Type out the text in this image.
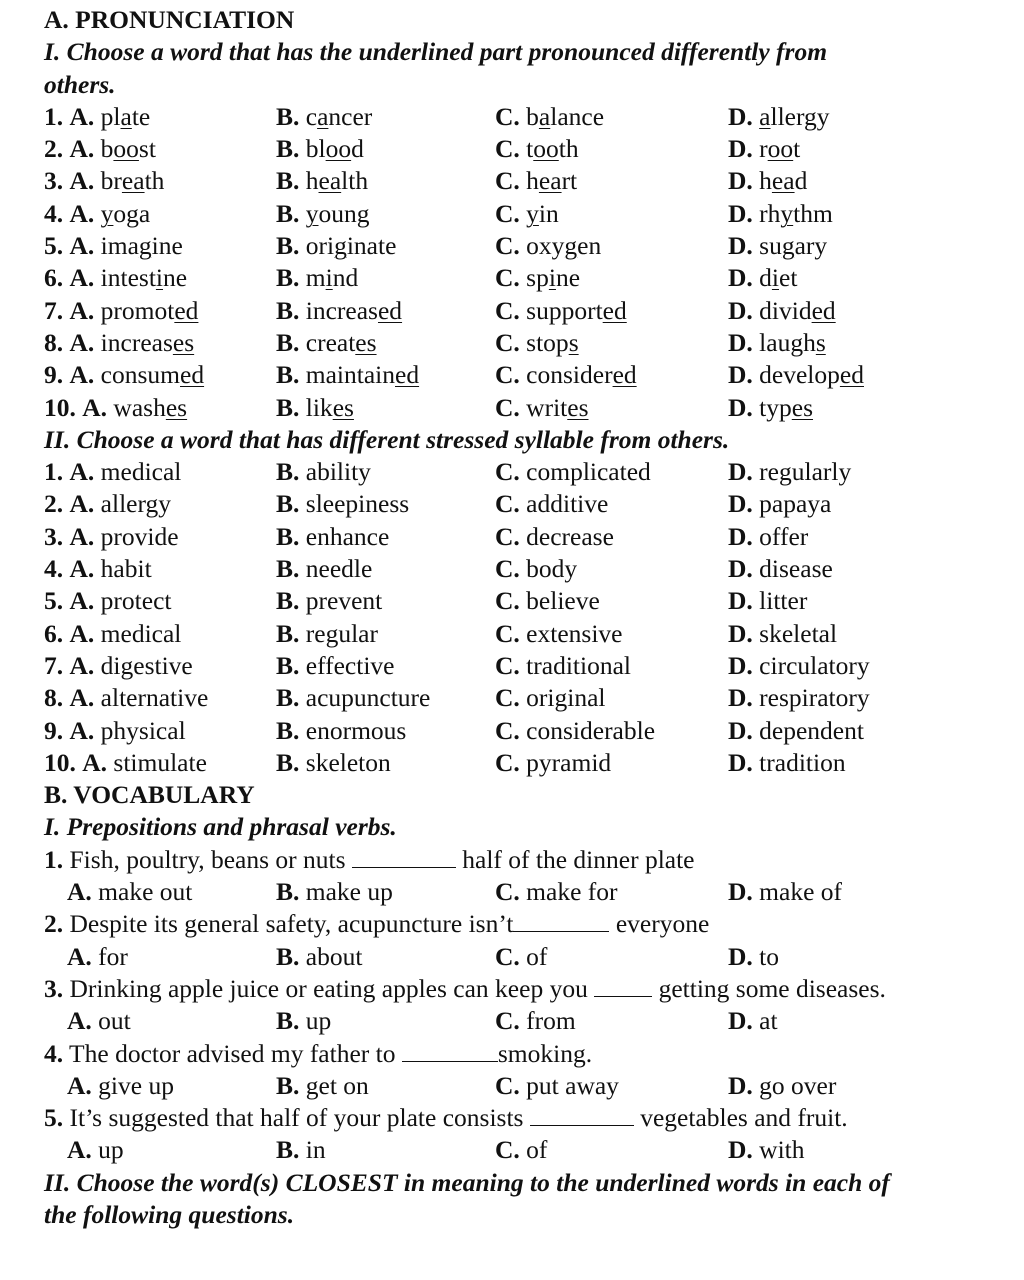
A. PRONUNCIATION
I. Choose a word that has the underlined part pronounced differently from
others.
1. A. plate	B. cancer	C. balance	D. allergy
2. A. boost	B. blood	C. tooth	D. root
3. A. breath	B. health	C. heart	D. head
4. A. yoga	B. young	C. yin	D. rhythm
5. A. imagine	B. originate	C. oxygen	D. sugary
6. A. intestine	B. mind	C. spine	D. diet
7. A. promoted	B. increased	C. supported	D. divided
8. A. increases	B. creates	C. stops	D. laughs
9. A. consumed	B. maintained	C. considered	D. developed
10. A. washes	B. likes	C. writes	D. types
II. Choose a word that has different stressed syllable from others.
1. A. medical	B. ability	C. complicated	D. regularly
2. A. allergy	B. sleepiness	C. additive	D. papaya
3. A. provide	B. enhance	C. decrease	D. offer
4. A. habit	B. needle	C. body	D. disease
5. A. protect	B. prevent	C. believe	D. litter
6. A. medical	B. regular	C. extensive	D. skeletal
7. A. digestive	B. effective	C. traditional	D. circulatory
8. A. alternative	B. acupuncture	C. original	D. respiratory
9. A. physical	B. enormous	C. considerable	D. dependent
10. A. stimulate	B. skeleton	C. pyramid	D. tradition
B. VOCABULARY
I. Prepositions and phrasal verbs.
1. Fish, poultry, beans or nuts	half of the dinner plate
A. make out	B. make up	C. make for	D. make of
2. Despite its general safety, acupuncture isn’t	everyone
A. for	B. about	C. of	D. to
3. Drinking apple juice or eating apples can keep you  getting some diseases.
A. out	B. up	C. from	D. at
4. The doctor advised my father to	smoking.
A. give up	B. get on	C. put away	D. go over
5. It’s suggested that half of your plate consists	vegetables and fruit.
A. up	B. in	C. of	D. with
II. Choose the word(s) CLOSEST in meaning to the underlined words in each of
the following questions.
